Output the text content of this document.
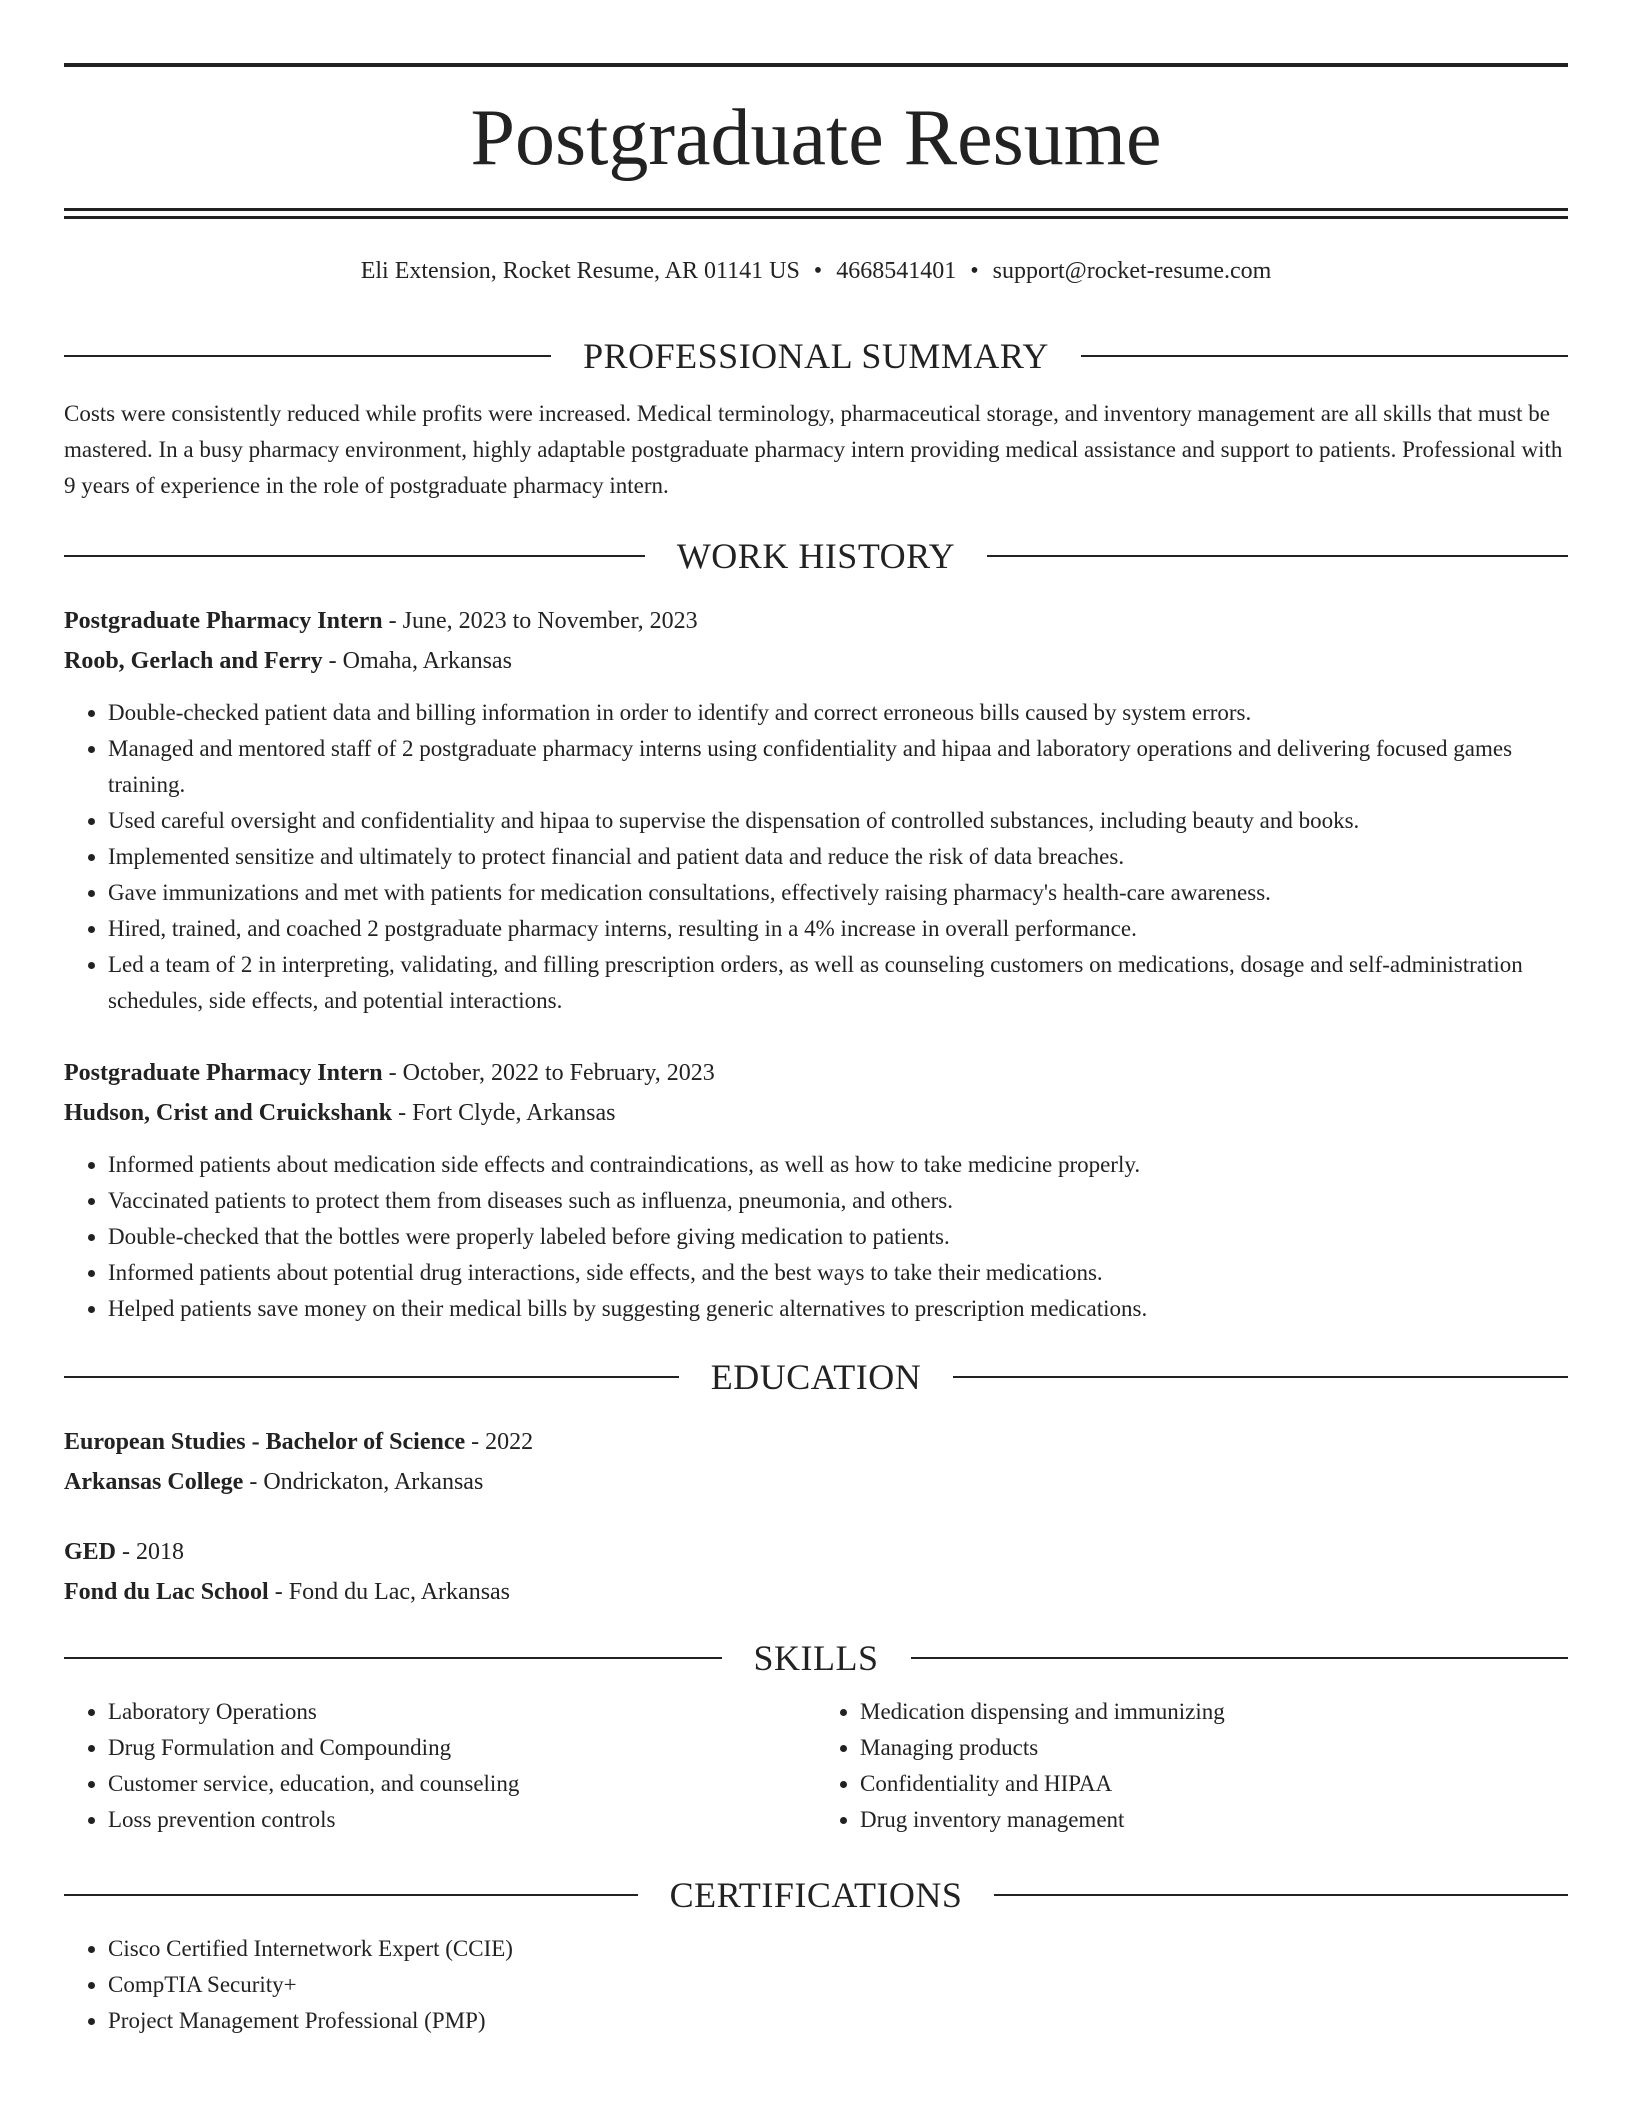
Postgraduate Resume
Eli Extension, Rocket Resume, AR 01141 US • 4668541401 • support@rocket-resume.com
PROFESSIONAL SUMMARY

Costs were consistently reduced while profits were increased. Medical terminology, pharmaceutical storage, and inventory management are all skills that must be mastered. In a busy pharmacy environment, highly adaptable postgraduate pharmacy intern providing medical assistance and support to patients. Professional with 9 years of experience in the role of postgraduate pharmacy intern.

WORK HISTORY
Postgraduate Pharmacy Intern - June, 2023 to November, 2023
Roob, Gerlach and Ferry - Omaha, Arkansas
• Double-checked patient data and billing information in order to identify and correct erroneous bills caused by system errors.
• Managed and mentored staff of 2 postgraduate pharmacy interns using confidentiality and hipaa and laboratory operations and delivering focused games training.
• Used careful oversight and confidentiality and hipaa to supervise the dispensation of controlled substances, including beauty and books.
• Implemented sensitize and ultimately to protect financial and patient data and reduce the risk of data breaches.
• Gave immunizations and met with patients for medication consultations, effectively raising pharmacy's health-care awareness.
• Hired, trained, and coached 2 postgraduate pharmacy interns, resulting in a 4% increase in overall performance.
• Led a team of 2 in interpreting, validating, and filling prescription orders, as well as counseling customers on medications, dosage and self-administration schedules, side effects, and potential interactions.
Postgraduate Pharmacy Intern - October, 2022 to February, 2023
Hudson, Crist and Cruickshank - Fort Clyde, Arkansas
• Informed patients about medication side effects and contraindications, as well as how to take medicine properly.
• Vaccinated patients to protect them from diseases such as influenza, pneumonia, and others.
• Double-checked that the bottles were properly labeled before giving medication to patients.
• Informed patients about potential drug interactions, side effects, and the best ways to take their medications.
• Helped patients save money on their medical bills by suggesting generic alternatives to prescription medications.
EDUCATION
European Studies - Bachelor of Science - 2022
Arkansas College - Ondrickaton, Arkansas
GED - 2018
Fond du Lac School - Fond du Lac, Arkansas
SKILLS
• Laboratory Operations
• Drug Formulation and Compounding
• Customer service, education, and counseling
• Loss prevention controls
• Medication dispensing and immunizing
• Managing products
• Confidentiality and HIPAA
• Drug inventory management
CERTIFICATIONS
• Cisco Certified Internetwork Expert (CCIE)
• CompTIA Security+
• Project Management Professional (PMP)
